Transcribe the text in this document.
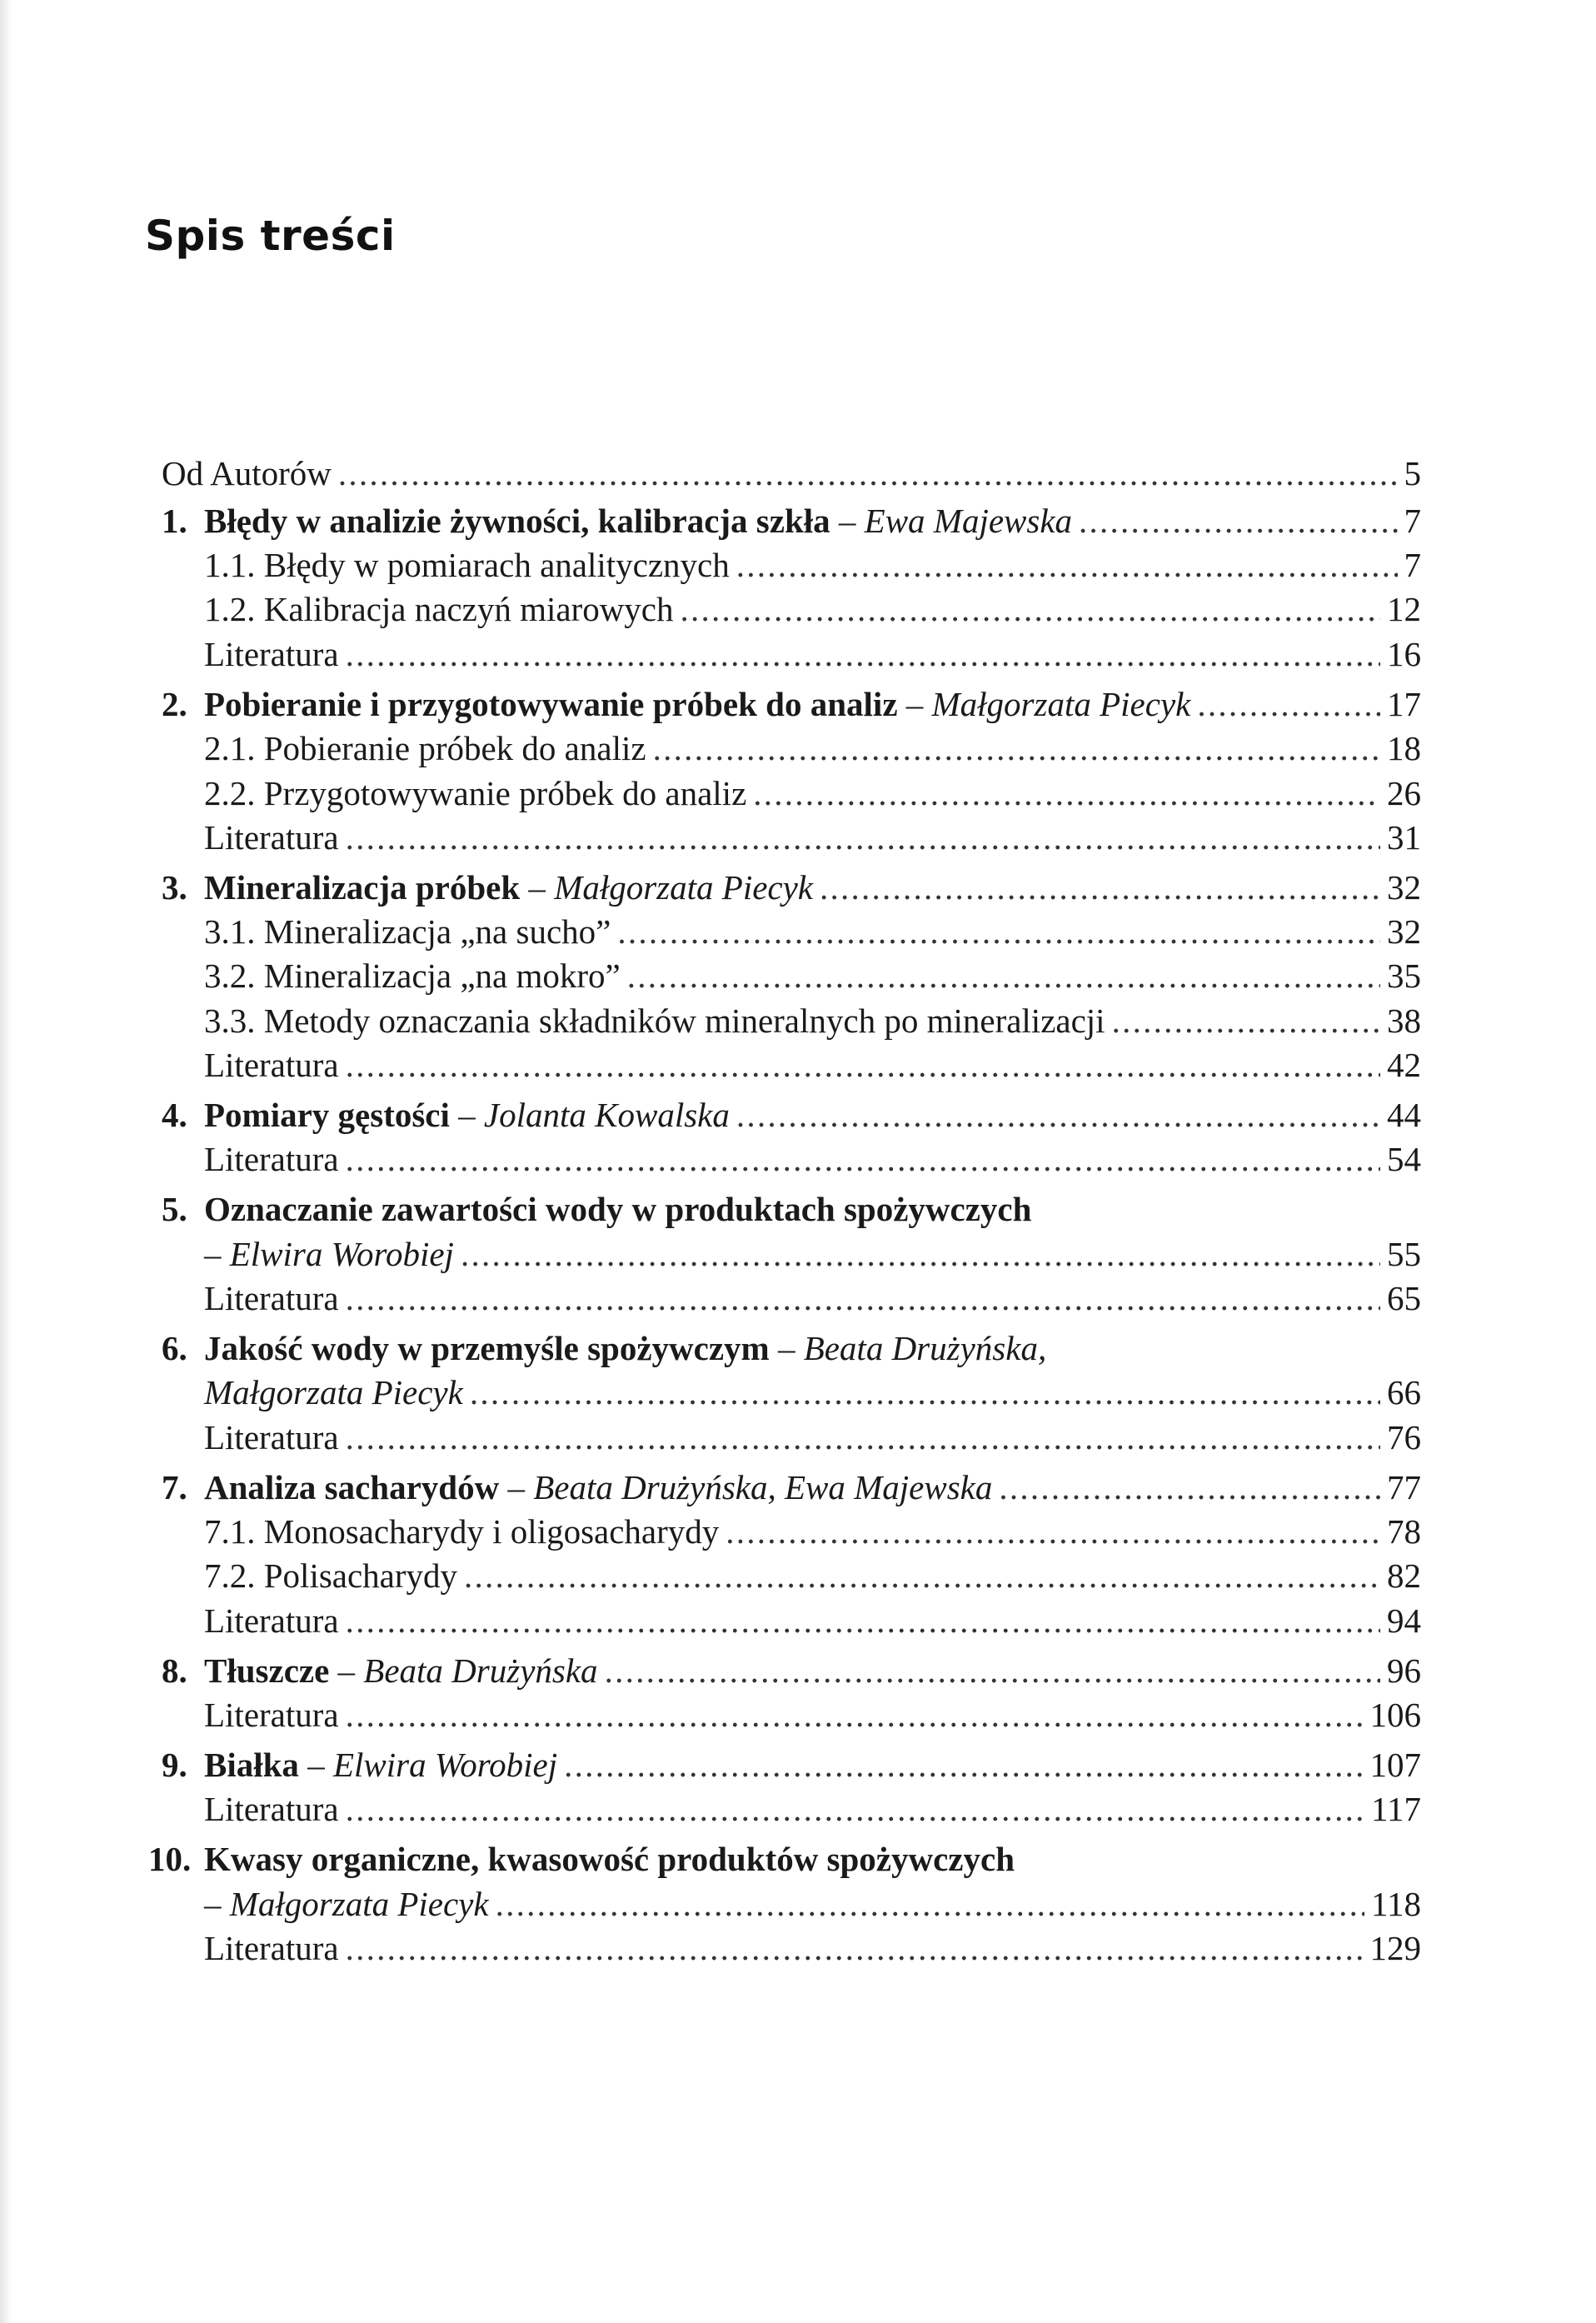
Spis treści
Od Autorów . . .	5
1. Błędy w analizie żywności, kalibracja szkła – Ewa Majewska . . .	7
1.1. Błędy w pomiarach analitycznych . . .	7
1.2. Kalibracja naczyń miarowych . . .	12
Literatura . . .	16
2. Pobieranie i przygotowywanie próbek do analiz – Małgorzata Piecyk . . .	17
2.1. Pobieranie próbek do analiz . . .	18
2.2. Przygotowywanie próbek do analiz . . .	26
Literatura . . .	31
3. Mineralizacja próbek – Małgorzata Piecyk . . .	32
3.1. Mineralizacja „na sucho” . . .	32
3.2. Mineralizacja „na mokro” . . .	35
3.3. Metody oznaczania składników mineralnych po mineralizacji . . .	38
Literatura . . .	42
4. Pomiary gęstości – Jolanta Kowalska . . .	44
Literatura . . .	54
5. Oznaczanie zawartości wody w produktach spożywczych
– Elwira Worobiej . . .	55
Literatura . . .	65
6. Jakość wody w przemyśle spożywczym – Beata Drużyńska,
Małgorzata Piecyk . . .	66
Literatura . . .	76
7. Analiza sacharydów – Beata Drużyńska, Ewa Majewska . . .	77
7.1. Monosacharydy i oligosacharydy . . .	78
7.2. Polisacharydy . . .	82
Literatura . . .	94
8. Tłuszcze – Beata Drużyńska . . .	96
Literatura . . .	106
9. Białka – Elwira Worobiej . . .	107
Literatura . . .	117
10. Kwasy organiczne, kwasowość produktów spożywczych
– Małgorzata Piecyk . . .	118
Literatura . . .	129
